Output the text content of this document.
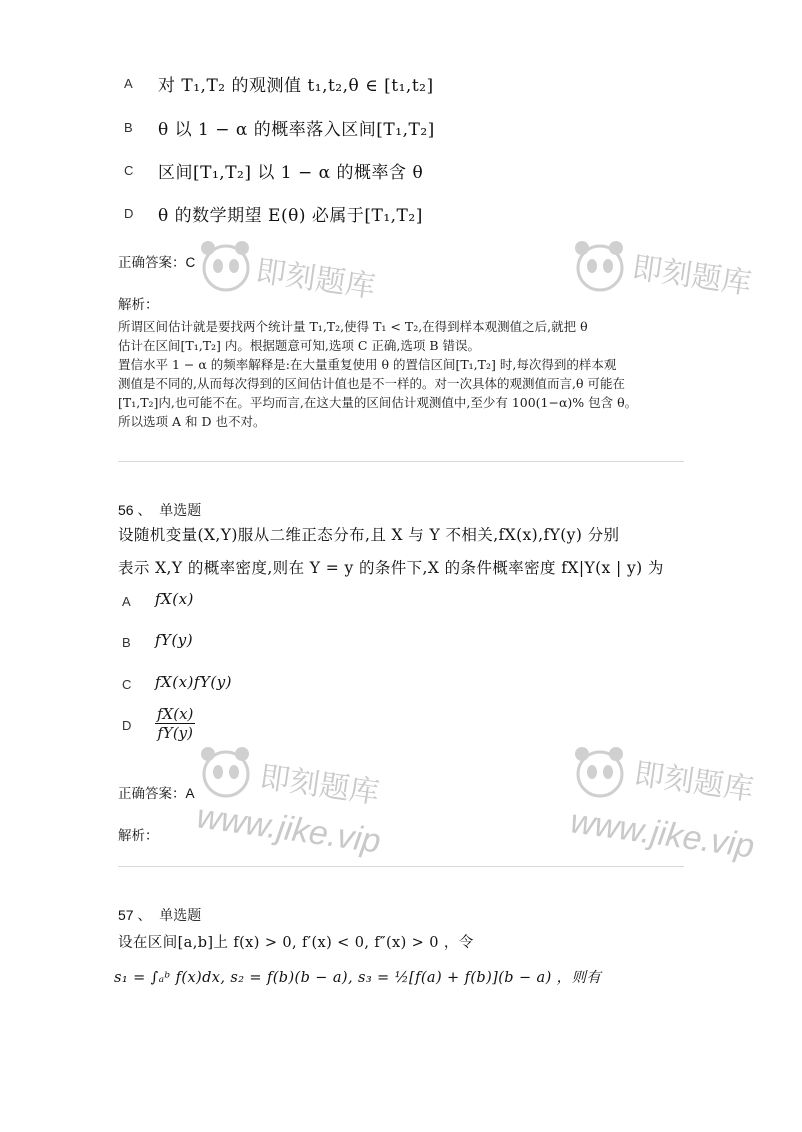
即刻题库	即刻题库
即刻题库
www.jike.vip
即刻题库
www.jike.vip
A 对 T₁,T₂ 的观测值 t₁,t₂,θ ∈ [t₁,t₂]
B θ 以 1 − α 的概率落入区间[T₁,T₂]
C 区间[T₁,T₂] 以 1 − α 的概率含 θ
D θ 的数学期望 E(θ) 必属于[T₁,T₂]
正确答案：C
解析：
所谓区间估计就是要找两个统计量 T₁,T₂,使得 T₁ < T₂,在得到样本观测值之后,就把 θ
估计在区间[T₁,T₂] 内。根据题意可知,选项 C 正确,选项 B 错误。
置信水平 1 − α 的频率解释是:在大量重复使用 θ 的置信区间[T₁,T₂] 时,每次得到的样本观
测值是不同的,从而每次得到的区间估计值也是不一样的。对一次具体的观测值而言,θ 可能在
[T₁,T₂]内,也可能不在。平均而言,在这大量的区间估计观测值中,至少有 100(1−α)% 包含 θ。
所以选项 A 和 D 也不对。
56 、 单选题
设随机变量(X,Y)服从二维正态分布,且 X 与 Y 不相关,fX(x),fY(y) 分别
表示 X,Y 的概率密度,则在 Y = y 的条件下,X 的条件概率密度 fX|Y(x | y) 为
A fX(x)
B fY(y)
C fX(x)fY(y)
D $\frac{fX(x)}{fY(y)}$
正确答案：A
解析：
57 、 单选题
设在区间[a,b]上 f(x) > 0, f′(x) < 0, f″(x) > 0 ，令
s₁ = ∫ₐᵇ f(x)dx, s₂ = f(b)(b − a), s₃ = ½[f(a) + f(b)](b − a) ，则有
